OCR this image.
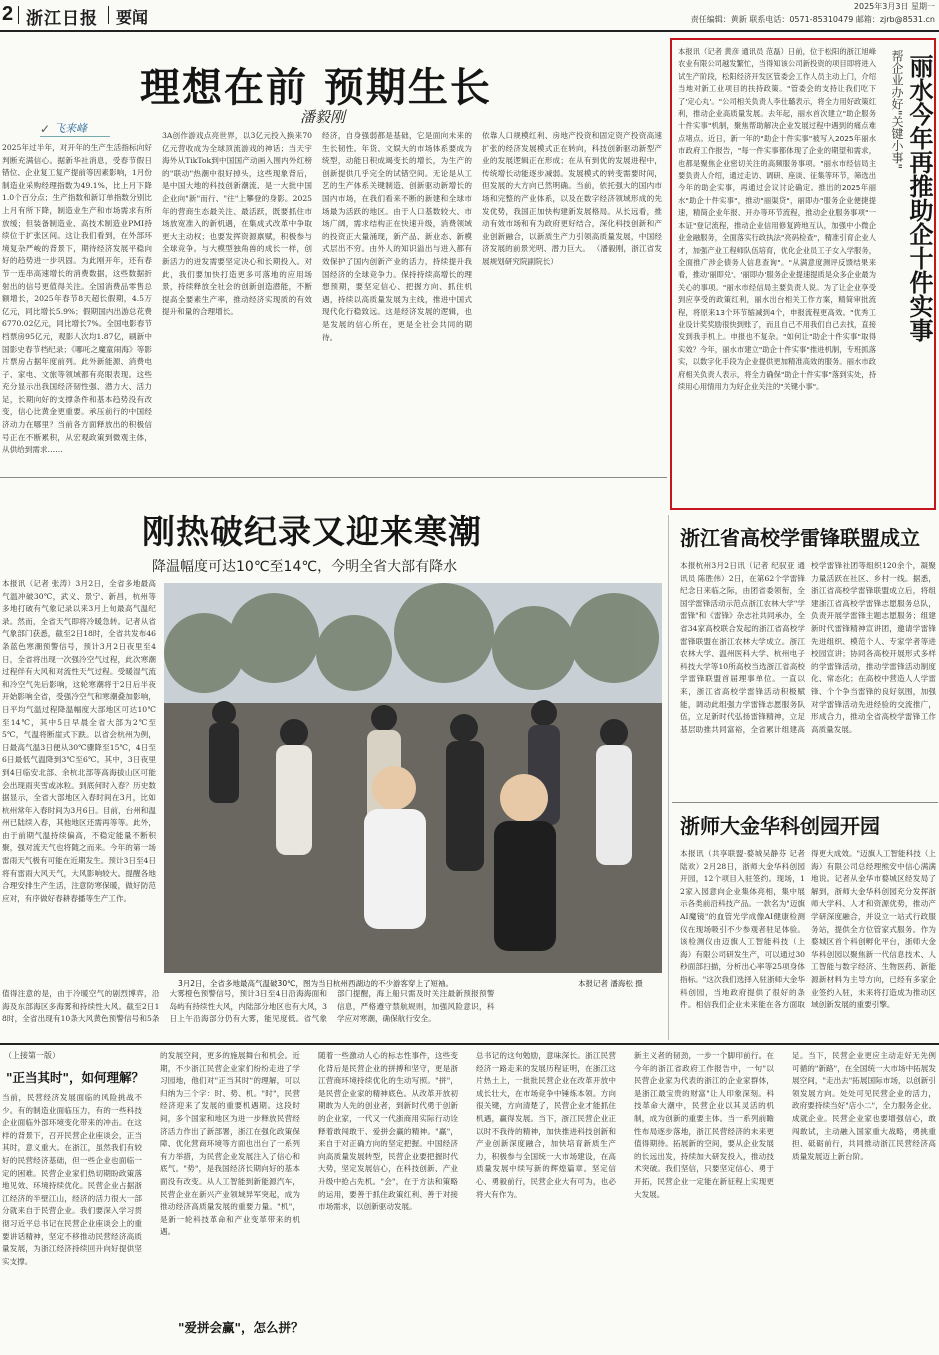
2 浙江日报 要闻
2025年3月3日 星期一
责任编辑：黄新 联系电话：0571-85310479 邮箱：zjrb@8531.cn
理想在前 预期生长
潘毅刚
✓ 飞来峰
2025年过半年，对开年的生产生活指标向好判断充满信心。据新华社消息，受春节假日错位、企业复工复产提前等因素影响，1月份制造业采购经理指数为49.1%，比上月下降1.0个百分点；生产指数和新订单指数分别比上月有所下降，制造业生产和市场需求有所放缓；但装备制造业、高技术制造业PMI持续位于扩张区间。这让我们看到，在外部环境复杂严峻的背景下，期待经济发展平稳向好的趋势进一步巩固。为此刚开年，还有春节一连串高速增长的消费数据，这些数据折射出的信号更值得关注。全国消费品零售总额增长，2025年春节8天超长假期，4.5万亿元，同比增长5.9%；假期国内出游总花费6770.02亿元，同比增长7%。全国电影春节档票房95亿元，观影人次均1.87亿，刷新中国影史春节档纪录；《哪吒之魔童闹海》等影片票房占据年度前列。此外新能源、消费电子、家电、文旅等领域都有亮眼表现。这些充分显示出我国经济韧性强、潜力大、活力足，长期向好的支撑条件和基本趋势没有改变，信心比黄金更重要。承压前行的中国经济动力在哪里？当前各方面释放出的积极信号正在不断累积，从宏观政策到微观主体，从供给到需求……
3A创作游戏点亮世界，以3亿元投入换来70亿元营收成为全球顶流游戏的神话；当天宇海外从TikTok到中国国产动画入围内外红榜的"联动"热潮中很好掉头，这些现象背后，是中国大地的科技创新潮流、是一大批中国企业向"新"而行、"往"上攀登的身影。2025年的营商生态最关注、最活跃，既要抓住市场放宽准入的新机遇，在集成式改革中争取更大主动权；也要发挥资源禀赋，积极参与全球竞争。与大模型独角兽的成长一样，创新活力的迸发需要坚定决心和长期投入。对此，我们要加快打造更多可落地的应用场景，持续释放全社会的创新创造潜能，不断提高全要素生产率，推动经济实现质的有效提升和量的合理增长。
经济，自身强弱都是基础，它是面向未来的生长韧性。年货、文娱大的市场体系要成为统型，动能日积成竭变长的增长，为生产的创新提供几乎完全的试错空间。无论是从工艺的生产体系关键制造、创新驱动新增长的国内市场，在我们看来不断的新建和全球市场最为活跃的地区。由于人口基数较大、市场广阔，需求结构正在快速升级，消费领域的投资正大量涌现，新产品、新业态、新模式层出不穷。由外人的知识溢出与进入都有效保护了国内创新产业的活力，持续提升我国经济的全球竞争力。保持持续高增长的理想预期，要坚定信心、把握方向、抓住机遇，持续以高质量发展为主线，推进中国式现代化行稳致远。这是经济发展的逻辑，也是发展的信心所在，更是全社会共同的期待。
依靠人口规模红利、房地产投资和固定资产投资高速扩张的经济发展模式正在转向，科技创新驱动新型产业的发展逻辑正在形成；在从有到优的发展进程中，传统增长动能逐步减弱。发展模式的转变需要时间，但发展的大方向已然明确。当前，依托强大的国内市场和完整的产业体系，以及在数字经济领域形成的先发优势，我国正加快构建新发展格局。从长远看，推动有效市场和有为政府更好结合，深化科技创新和产业创新融合，以新质生产力引领高质量发展，中国经济发展的前景光明、潜力巨大。 （潘毅刚，浙江省发展规划研究院副院长）
本报讯（记者 黄彦 通讯员 范磊）日前，位于松阳的浙江旭峰农业有限公司越发繁忙，当得知该公司新投资的项目即将进入试生产阶段，松阳经济开发区管委会工作人员主动上门，介绍当地对新工业项目的扶持政策。"管委会的支持让我们吃下了'定心丸'。"公司相关负责人李仕璐表示，将全力用好政策红利，推动企业高质量发展。去年起，丽水首次建立"助企服务十件实事"机制，聚焦帮助解决企业发展过程中遇到的痛点难点堵点。近日，新一年的"助企十件实事"被写入2025年丽水市政府工作报告，"每一件实事都体现了企业的期望和需求，也都是聚焦企业密切关注的高频服务事项。"丽水市经信局主要负责人介绍，通过走访、调研、座谈、征集等环节，筛选出今年的助企实事，再通过会议讨论确定。推出的2025年丽水"助企十件实事"，推动"丽渠贷"，丽即办"服务企业便捷提速，精简企业年报、开办等环节流程，推动企业服务事项"一本证"登记流程，推动企业信用修复跨地互认，加强中小微企业金融服务，全面落实行政执法"亮码检查"，精准引育企业人才，加强产业工程师队伍培育，优化企业员工子女入学服务，全面推广涉企债务人信息查询"。"从满意度测评反馈结果来看，推动'丽即兑'、'丽即办'服务企业提速提质是众多企业最为关心的事项。"丽水市经信局主要负责人说。为了让企业享受到应享受的政策红利，丽水出台相关工作方案，精简审批流程，将原来13个环节缩减到4个，申报流程更高效。"优秀工业设计奖奖励很快到账了，而且自己不用我们自己去找，直接发到我手机上。申报也不复杂。"如何让"助企十件实事"取得实效？今年，丽水市建立"助企十件实事"推进机制，专班抓落实，以数字化手段为企业提供更加精准高效的服务。丽水市政府相关负责人表示，将全力确保"助企十件实事"落到实处，持续用心用情用力为好企业关注的"关键小事"。
帮企业办好"关键小事" 丽水今年再推助企十件实事
刚热破纪录又迎来寒潮
降温幅度可达10℃至14℃，今明全省大部有降水
本报讯（记者 张涛）3月2日，全省多地最高气温冲破30℃，武义、景宁、新昌，杭州等多地打破有气象记录以来3月上旬最高气温纪录。然而，全省天气即将冷暖急转。记者从省气象部门获悉，截至2日18时，全省共发布46条蓝色寒潮预警信号，预计3月2日夜里至4日，全省将出现一次强冷空气过程，此次寒潮过程伴有大风和对流性天气过程。受暖湿气流和冷空气先后影响，这轮寒潮将于2日后半夜开始影响全省，受强冷空气和寒潮叠加影响，日平均气温过程降温幅度大部地区可达10℃至14℃，其中5日早晨全省大部为2℃至5℃，气温将断崖式下跌。以省会杭州为例，日最高气温3日便从30℃骤降至15℃，4日至6日最低气温降到3℃至6℃。其中，3日夜里到4日临安北部、余杭北部等高海拔山区可能会出现雨夹雪或冰粒。到底何时入春？历史数据显示，全省大部地区入春时间在3月，比如杭州常年入春时间为3月6日。目前，台州和温州已陆续入春，其他地区还需再等等。此外，由于前期气温持续偏高，不稳定能量不断积聚，强对流天气也将随之而来。今年的第一场雷雨天气极有可能在近期发生。预计3日至4日将有雷雨大风天气，大风影响较大。提醒各地合理安排生产生活，注意防寒保暖，做好防范应对，有序做好春耕春播等生产工作。
3月2日，全省多地最高气温破30℃，图为当日杭州西湖边的不少游客穿上了短袖。	本报记者 潘海松 摄
值得注意的是，由于冷暖空气的剧烈博弈，沿海及东部海区多海雾和持续性大风。截至2日18时，全省出现有10条大风黄色预警信号和5条大雾橙色预警信号，预计3日至4日沿海海面和岛屿有持续性大风，内陆部分地区也有大风，3日上午沿海部分仍有大雾，能见度低。省气象部门提醒，海上船只需及时关注最新预报预警信息，严格遵守禁航规则，加强风险意识，科学应对寒潮，确保航行安全。
浙江省高校学雷锋联盟成立
本报杭州3月2日讯（记者 纪驭亚 通讯员 陈胜伟）2日，在第62个学雷锋纪念日来临之际，由团省委领衔，全国学雷锋活动示范点浙江农林大学"学雷锋"和《雷锋》杂志社共同承办，全省34家高校联合发起的浙江省高校学雷锋联盟在浙江农林大学成立。浙江农林大学、温州医科大学、杭州电子科技大学等10所高校当选浙江省高校学雷锋联盟首届理事单位。一直以来，浙江省高校学雷锋活动积极赋能，调动此组强力学雷锋志愿服务队伍，立足新时代弘扬雷锋精神，立足基层助推共同富裕，全省累计组建高校学雷锋社团等组织120余个，凝聚力量活跃在社区、乡村一线。据悉，浙江省高校学雷锋联盟成立后，将组建浙江省高校学雷锋志愿服务总队，负责开展学雷锋主题志愿服务；组建新时代雷锋精神宣讲团，邀请学雷锋先进组织、模范个人、专家学者等进校园宣讲；协同各高校开展形式多样的学雷锋活动，推动学雷锋活动制度化、常态化；在高校中营造人人学雷锋、个个争当雷锋的良好氛围，加强对学雷锋活动先进经验的交流推广，形成合力，推动全省高校学雷锋工作高质量发展。
浙师大金华科创园开园
本报讯（共享联盟·婺城吴静芬 记者 陆欢）2月28日，浙师大金华科创园开园，12个项目入驻签约。现场，12家入园意向企业集体亮相，集中展示各类前沿科技产品。一款名为"迈旗AI魔镜"的血管光学成像AI健康检测仪在现场吸引不少参观者驻足体验。该检测仪由迈旗人工智能科技（上海）有限公司研发生产，可以通过30秒面部扫描，分析出心率等25项身体指标。"这次我们选择入驻浙师大金华科创园，当地政府提供了很好的条件。相信我们企业未来能在各方面取得更大成效。"迈旗人工智能科技（上海）有限公司总经理熊安中信心满满地说。记者从金华市婺城区经发局了解到，浙师大金华科创园充分发挥浙师大学科、人才和资源优势，推动产学研深度融合，并设立一站式行政服务站，提供全方位管家式服务。作为婺城区首个科创孵化平台，浙师大金华科创园以聚焦新一代信息技术、人工智能与数字经济、生物医药、新能源新材料为主导方向，已经有多家企业签约入驻，未来将打造成为推动区域创新发展的重要引擎。
（上接第一版）
"正当其时"，如何理解？
当前，民营经济发展面临的风险挑战不少。有的制造业面临压力，有的一些科技企业面临外部环境变化带来的冲击。在这样的背景下，召开民营企业座谈会，正当其时，意义重大。在浙江，虽然我们有较好的民营经济基础，但一些企业也面临一定的困难。民营企业家们热切期盼政策落地见效、环境持续优化。民营企业占据浙江经济的半壁江山，经济的活力很大一部分就来自于民营企业。我们要深入学习贯彻习近平总书记在民营企业座谈会上的重要讲话精神，坚定不移推动民营经济高质量发展，为浙江经济持续回升向好提供坚实支撑。
的发展空间，更多的施展舞台和机会。近期，不少浙江民营企业家们纷纷走进了学习园地，他们对"正当其时"的理解，可以归纳为三个字：时、势、机。"时"，民营经济迎来了发展的重要机遇期。这段时间，多个国家和地区为进一步释放民营经济活力作出了新部署，浙江在强化政策保障、优化营商环境等方面也出台了一系列有力举措，为民营企业发展注入了信心和底气。"势"，是我国经济长期向好的基本面没有改变。从人工智能到新能源汽车，民营企业在新兴产业领域异军突起，成为推动经济高质量发展的重要力量。"机"，是新一轮科技革命和产业变革带来的机遇。
"爱拼会赢"，怎么拼？
随着一些激动人心的标志性事件，这些变化背后是民营企业的拼搏和坚守，更是浙江营商环境持续优化的生动写照。"拼"，是民营企业家的精神底色。从改革开放初期敢为人先的创业者，到新时代勇于创新的企业家，一代又一代浙商用实际行动诠释着敢闯敢干、爱拼会赢的精神。"赢"，来自于对正确方向的坚定把握。中国经济向高质量发展转型，民营企业要把握时代大势，坚定发展信心，在科技创新、产业升级中抢占先机。"会"，在于方法和策略的运用，要善于抓住政策红利、善于对接市场需求，以创新驱动发展。
总书记的这句勉励，意味深长。浙江民营经济一路走来的发展历程证明，在浙江这片热土上，一批批民营企业在改革开放中成长壮大，在市场竞争中锤炼本领。方向很关键，方向清楚了，民营企业才能抓住机遇，赢得发展。当下，浙江民营企业正以时不我待的精神，加快推进科技创新和产业创新深度融合，加快培育新质生产力，积极参与全国统一大市场建设，在高质量发展中续写新的辉煌篇章。坚定信心、勇毅前行，民营企业大有可为，也必将大有作为。
新主义者的韧劲，一步一个脚印前行。在今年的浙江省政府工作报告中，一句"以民营企业家为代表的浙江的企业家群体，是浙江最宝贵的财富"让人印象深刻。科技革命大潮中，民营企业以其灵活的机制，成为创新的重要主体。当一系列前瞻性布局逐步落地，浙江民营经济的未来更值得期待。拓展新的空间，要从企业发展的长远出发，持续加大研发投入，推动技术突破。我们坚信，只要坚定信心、勇于开拓，民营企业一定能在新征程上实现更大发展。
足。当下，民营企业更应主动走好无先例可循的"新路"，在全国统一大市场中拓展发展空间，"走出去"拓展国际市场，以创新引领发展方向。处处可见民营企业的活力，政府要持续当好"店小二"，全力服务企业、成就企业。民营企业家也要增强信心，敢闯敢试，主动融入国家重大战略，勇挑重担、砥砺前行，共同推动浙江民营经济高质量发展迈上新台阶。
